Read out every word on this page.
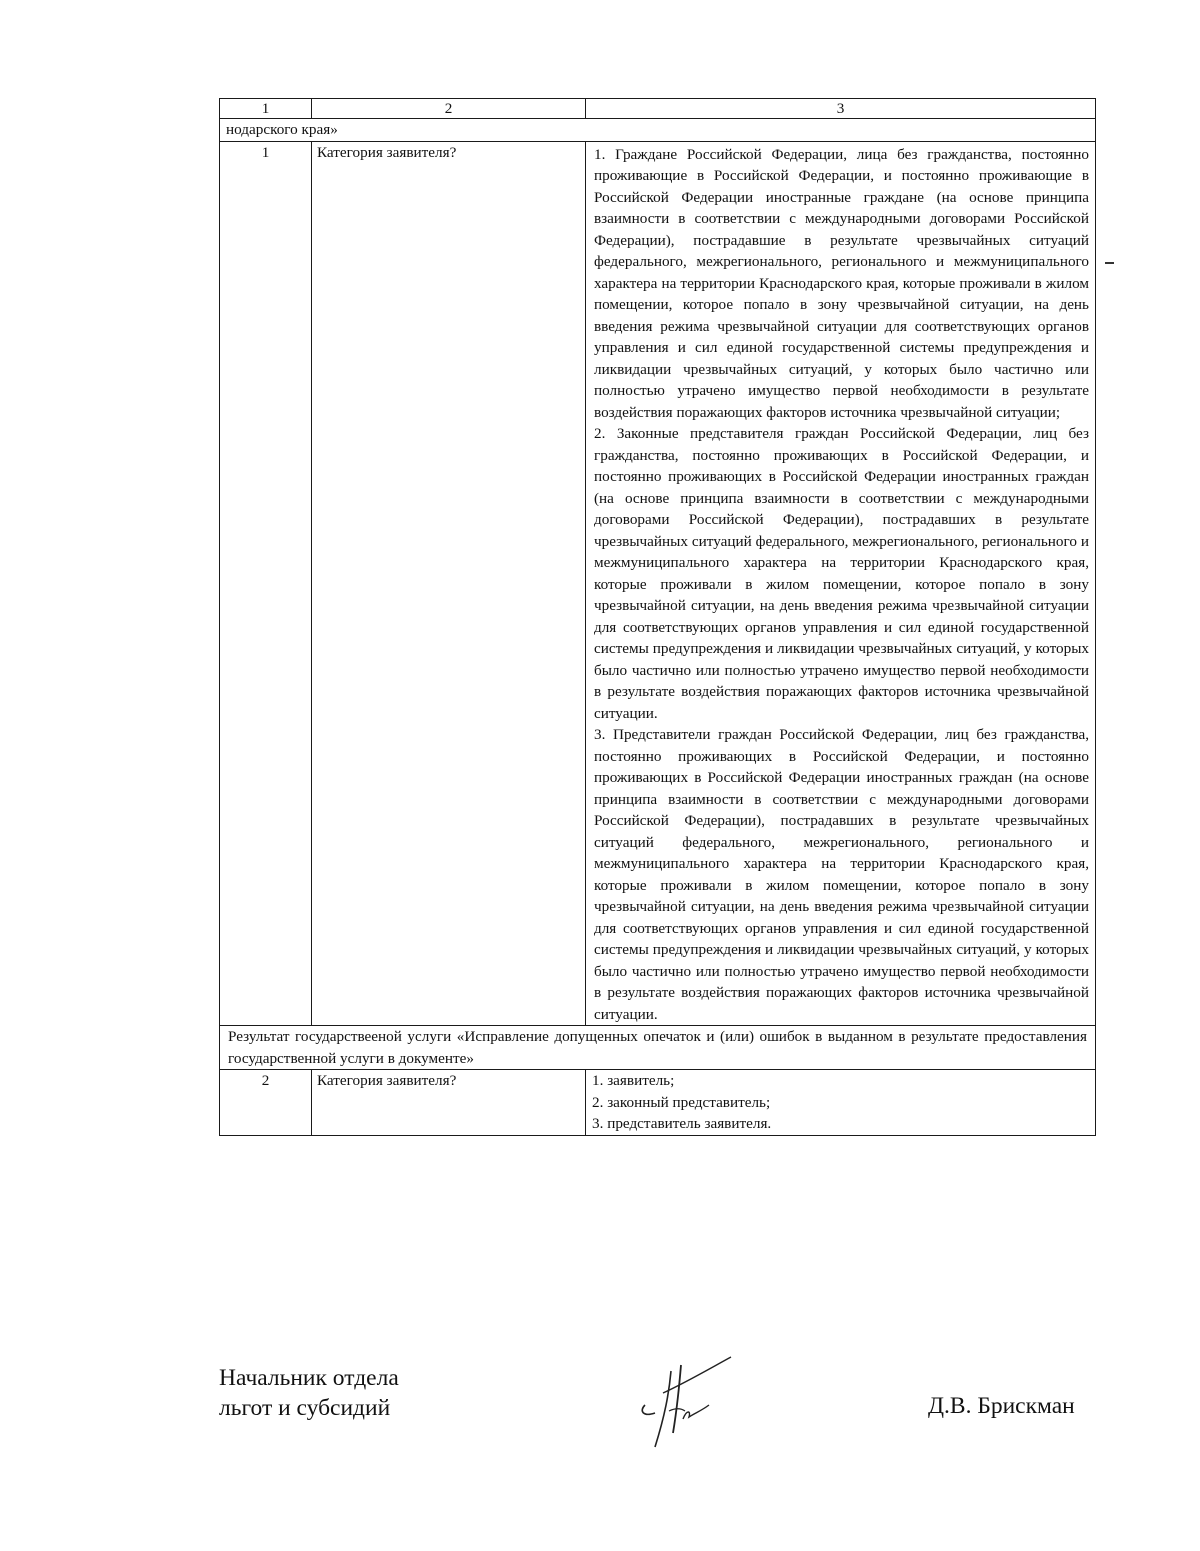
1	2	3
нодарского края»		
1	Категория заявителя?	1. Граждане Российской Федерации, лица без гражданства, постоянно проживающие в Российской Федерации, и постоянно проживающие в Российской Федерации иностранные граждане (на основе принципа взаимности в соответствии с международными договорами Российской Федерации), пострадавшие в результате чрезвычайных ситуаций федерального, межрегионального, регионального и межмуниципального характера на территории Краснодарского края, которые проживали в жилом помещении, которое попало в зону чрезвычайной ситуации, на день введения режима чрезвычайной ситуации для соответствующих органов управления и сил единой государственной системы предупреждения и ликвидации чрезвычайных ситуаций, у которых было частично или полностью утрачено имущество первой необходимости в результате воздействия поражающих факторов источника чрезвычайной ситуации;

2. Законные представителя граждан Российской Федерации, лиц без гражданства, постоянно проживающих в Российской Федерации, и постоянно проживающих в Российской Федерации иностранных граждан (на основе принципа взаимности в соответствии с международными договорами Российской Федерации), пострадавших в результате чрезвычайных ситуаций федерального, межрегионального, регионального и межмуниципального характера на территории Краснодарского края, которые проживали в жилом помещении, которое попало в зону чрезвычайной ситуации, на день введения режима чрезвычайной ситуации для соответствующих органов управления и сил единой государственной системы предупреждения и ликвидации чрезвычайных ситуаций, у которых было частично или полностью утрачено имущество первой необходимости в результате воздействия поражающих факторов источника чрезвычайной ситуации.

3. Представители граждан Российской Федерации, лиц без гражданства, постоянно проживающих в Российской Федерации, и постоянно проживающих в Российской Федерации иностранных граждан (на основе принципа взаимности в соответствии с международными договорами Российской Федерации), пострадавших в результате чрезвычайных ситуаций федерального, межрегионального, регионального и межмуниципального характера на территории Краснодарского края, которые проживали в жилом помещении, которое попало в зону чрезвычайной ситуации, на день введения режима чрезвычайной ситуации для соответствующих органов управления и сил единой государственной системы предупреждения и ликвидации чрезвычайных ситуаций, у которых было частично или полностью утрачено имущество первой необходимости в результате воздействия поражающих факторов источника чрезвычайной ситуации.

Результат государствееной услуги «Исправление допущенных опечаток и (или) ошибок в выданном в результате предоставления государственной услуги в документе»		
2	Категория заявителя?	1. заявитель;
2. законный представитель;
3. представитель заявителя.
Начальник отдела
льгот и субсидий	Д.В. Брискман
